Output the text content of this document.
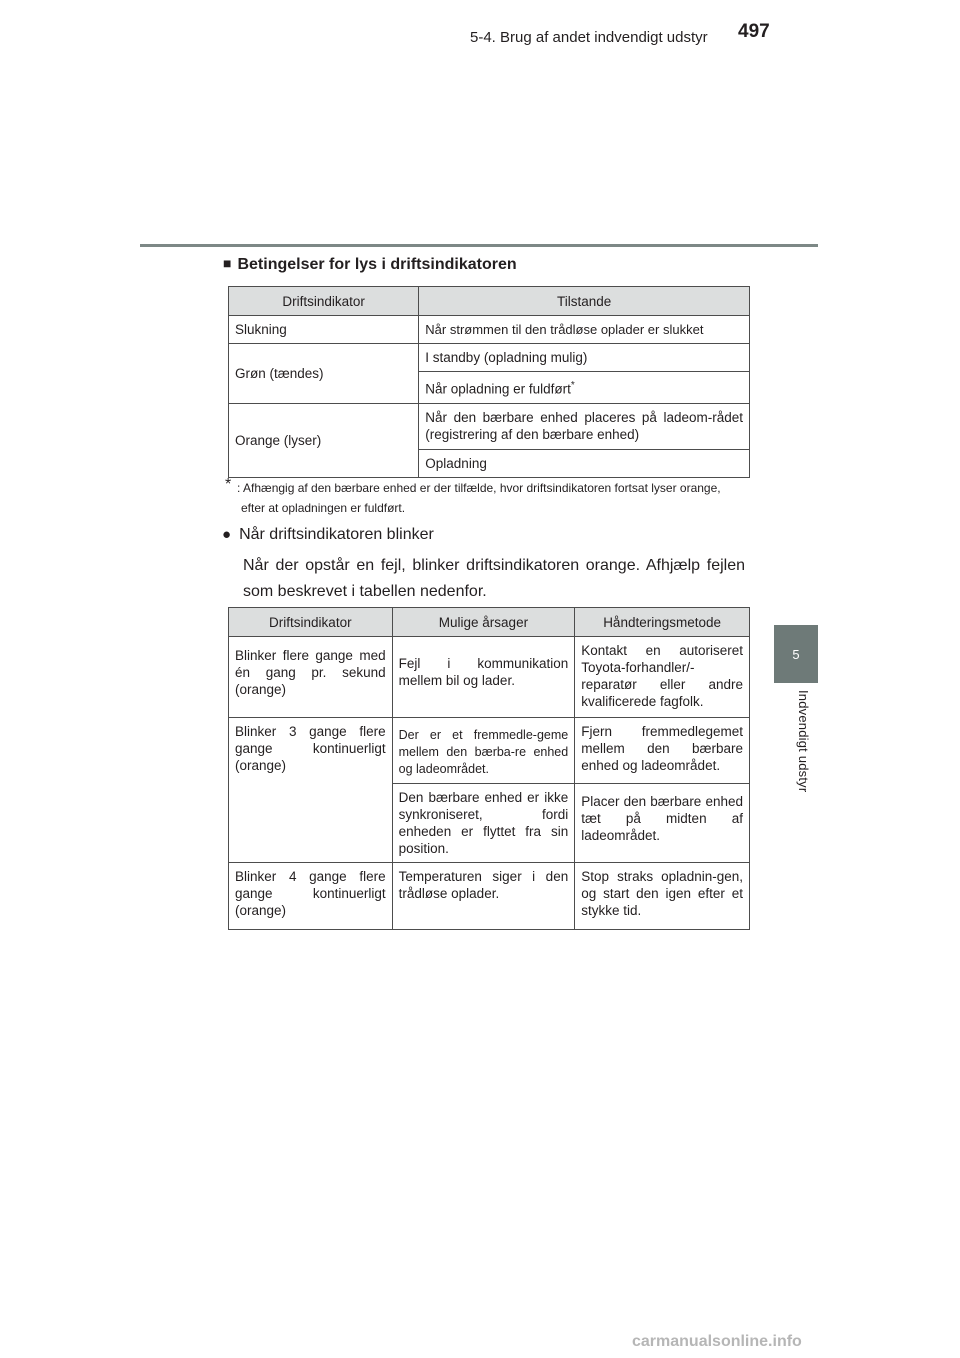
5-4. Brug af andet indvendigt udstyr 497
5
Indvendigt udstyr
■ Betingelser for lys i driftsindikatoren
Driftsindikator	Tilstande
Slukning	Når strømmen til den trådløse oplader er slukket
Grøn (tændes)	I standby (opladning mulig)
	Når opladning er fuldført*
Orange (lyser)	Når den bærbare enhed placeres på ladeom-rådet (registrering af den bærbare enhed)
	Opladning
* : Afhængig af den bærbare enhed er der tilfælde, hvor driftsindikatoren fortsat lyser orange, efter at opladningen er fuldført.
● Når driftsindikatoren blinker
Når der opstår en fejl, blinker driftsindikatoren orange. Afhjælp fejlen som beskrevet i tabellen nedenfor.
Driftsindikator	Mulige årsager	Håndteringsmetode
Blinker flere gange med én gang pr. sekund (orange)	Fejl i kommunikation mellem bil og lader.	Kontakt en autoriseret Toyota-forhandler/-reparatør eller andre kvalificerede fagfolk.
Blinker 3 gange flere gange kontinuerligt (orange)	Der er et fremmedle-geme mellem den bærba-re enhed og ladeområdet.	Fjern fremmedlegemet mellem den bærbare enhed og ladeområdet.
	Den bærbare enhed er ikke synkroniseret, fordi enheden er flyttet fra sin position.	Placer den bærbare enhed tæt på midten af ladeområdet.
Blinker 4 gange flere gange kontinuerligt (orange)	Temperaturen siger i den trådløse oplader.	Stop straks opladnin-gen, og start den igen efter et stykke tid.
carmanualsonline.info
